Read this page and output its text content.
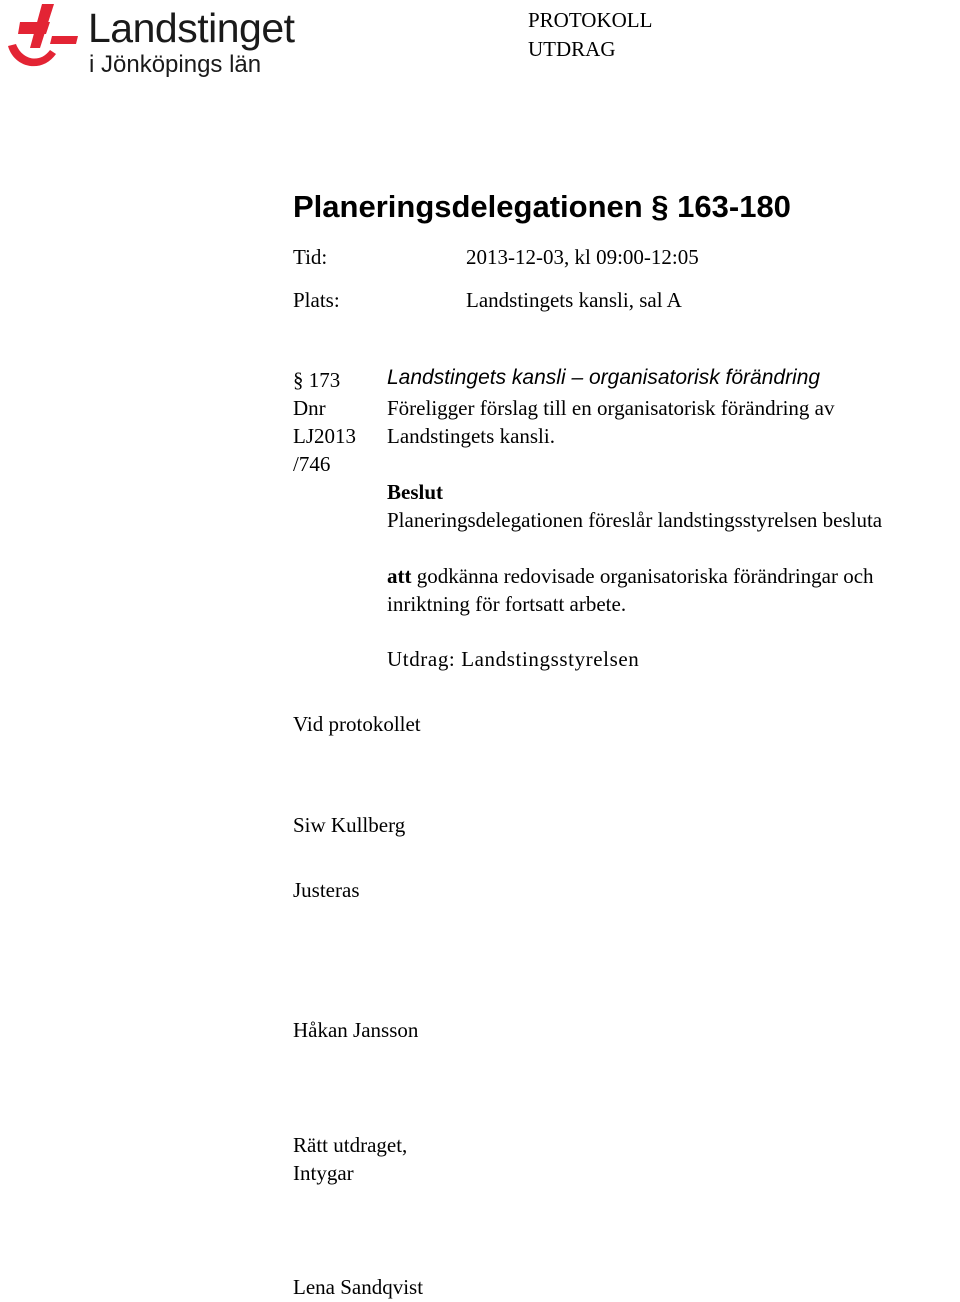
Landstinget
i Jönköpings län
PROTOKOLL
UTDRAG
Planeringsdelegationen § 163-180
Tid:	2013-12-03, kl 09:00-12:05
Plats:	Landstingets kansli, sal A
§ 173
Dnr
LJ2013
/746
Landstingets kansli – organisatorisk förändring
Föreligger förslag till en organisatorisk förändring av
Landstingets kansli.
Beslut
Planeringsdelegationen föreslår landstingsstyrelsen besluta
att godkänna redovisade organisatoriska förändringar och
inriktning för fortsatt arbete.
Utdrag: Landstingsstyrelsen
Vid protokollet
Siw Kullberg
Justeras
Håkan Jansson
Rätt utdraget,
Intygar
Lena Sandqvist
